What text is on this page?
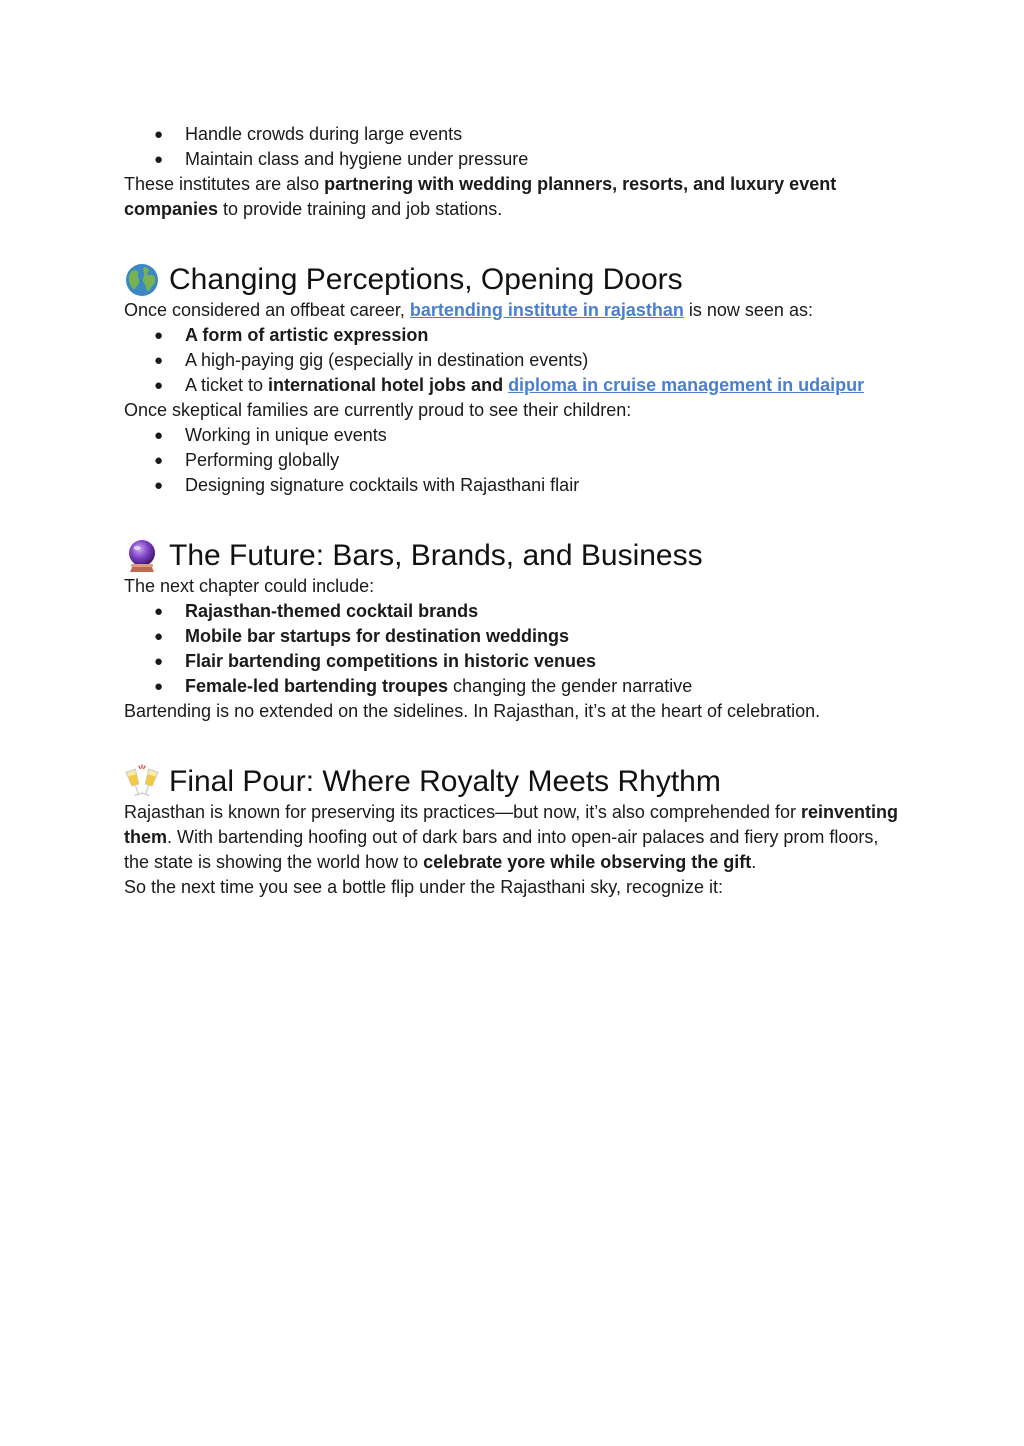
● Handle crowds during large events
● Maintain class and hygiene under pressure

These institutes are also partnering with wedding planners, resorts, and luxury event companies to provide training and job stations.

Changing Perceptions, Opening Doors

Once considered an offbeat career, bartending institute in rajasthan is now seen as:

● A form of artistic expression
● A high-paying gig (especially in destination events)
● A ticket to international hotel jobs and diploma in cruise management in udaipur

Once skeptical families are currently proud to see their children:

● Working in unique events
● Performing globally
● Designing signature cocktails with Rajasthani flair
The Future: Bars, Brands, and Business

The next chapter could include:

● Rajasthan-themed cocktail brands
● Mobile bar startups for destination weddings
● Flair bartending competitions in historic venues
● Female-led bartending troupes changing the gender narrative

Bartending is no extended on the sidelines. In Rajasthan, it’s at the heart of celebration.

Final Pour: Where Royalty Meets Rhythm

Rajasthan is known for preserving its practices—but now, it’s also comprehended for reinventing them. With bartending hoofing out of dark bars and into open-air palaces and fiery prom floors, the state is showing the world how to celebrate yore while observing the gift.

So the next time you see a bottle flip under the Rajasthani sky, recognize it:
